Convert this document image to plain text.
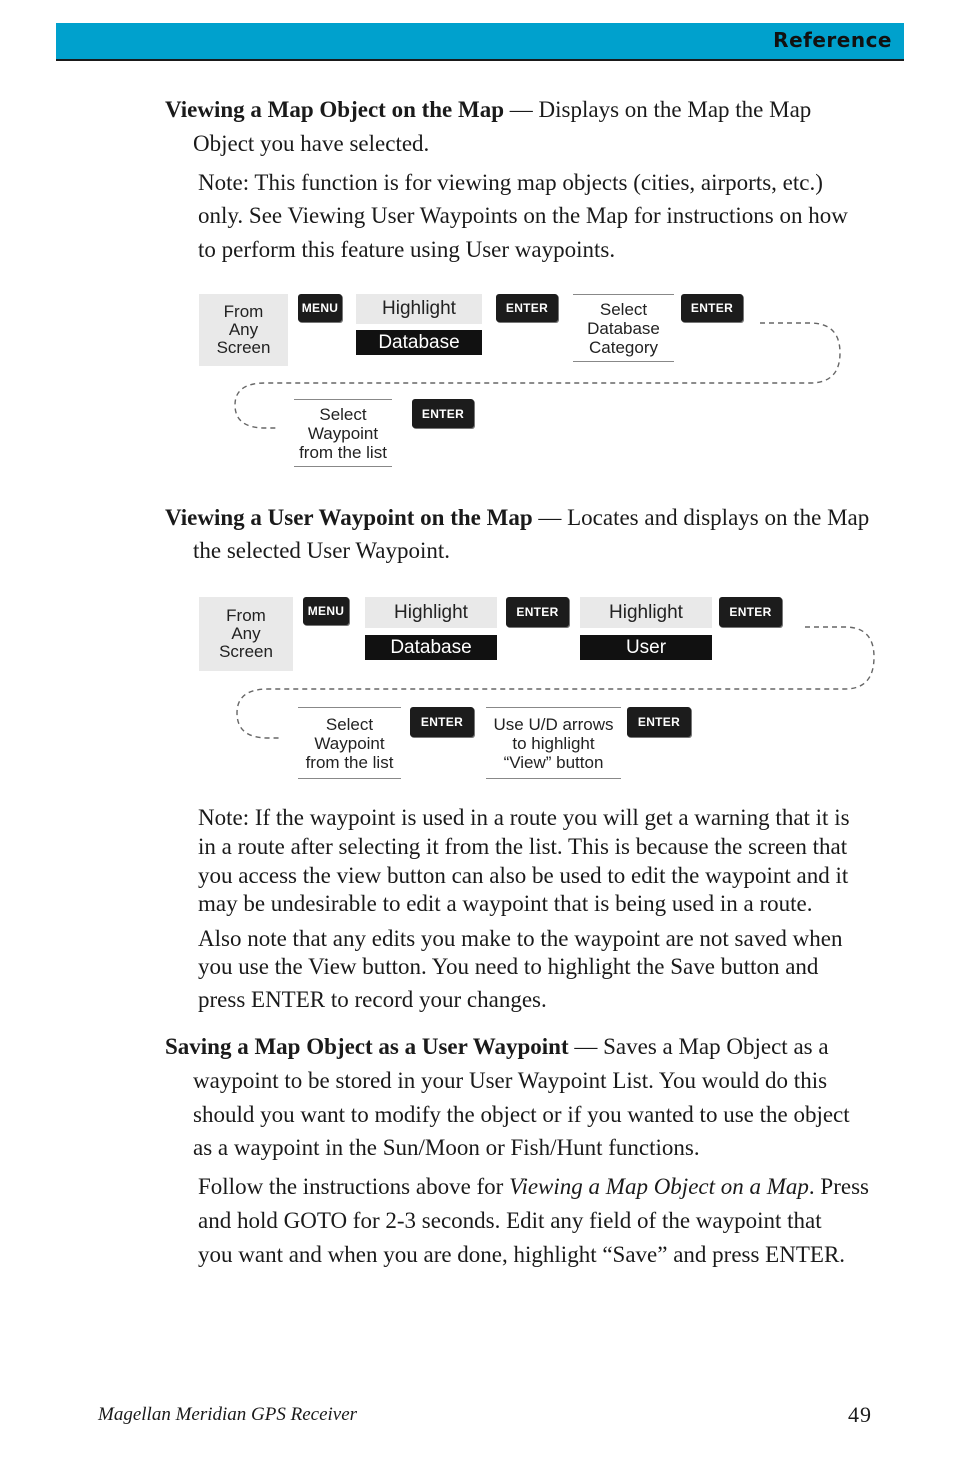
Reference

Viewing a Map Object on the Map — Displays on the Map the Map

Object you have selected.

Note: This function is for viewing map objects (cities, airports, etc.)

only. See Viewing User Waypoints on the Map for instructions on how

to perform this feature using User waypoints.

From
Any
Screen
MENU	Highlight
Database
ENTER	Select
Database
Category
ENTER
Select
Waypoint
from the list
ENTER

Viewing a User Waypoint on the Map — Locates and displays on the Map

the selected User Waypoint.

From
Any
Screen
MENU	Highlight
Database
ENTER	Highlight
User
ENTER
Select
Waypoint
from the list
ENTER	Use U/D arrows
to highlight
“View” button
ENTER

Note: If the waypoint is used in a route you will get a warning that it is

in a route after selecting it from the list. This is because the screen that

you access the view button can also be used to edit the waypoint and it

may be undesirable to edit a waypoint that is being used in a route.

Also note that any edits you make to the waypoint are not saved when

you use the View button. You need to highlight the Save button and

press ENTER to record your changes.

Saving a Map Object as a User Waypoint — Saves a Map Object as a

waypoint to be stored in your User Waypoint List. You would do this

should you want to modify the object or if you wanted to use the object

as a waypoint in the Sun/Moon or Fish/Hunt functions.

Follow the instructions above for Viewing a Map Object on a Map. Press

and hold GOTO for 2-3 seconds. Edit any field of the waypoint that

you want and when you are done, highlight “Save” and press ENTER.

Magellan Meridian GPS Receiver	49
